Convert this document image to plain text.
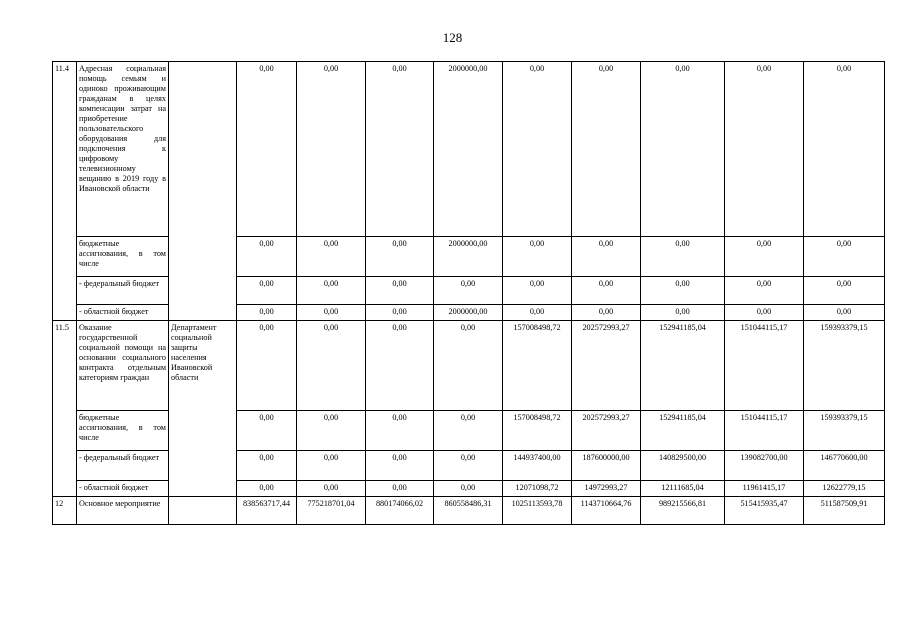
128
11.4	Адресная социальная помощь семьям и одиноко проживающим гражданам в целях компенсации затрат на приобретение пользовательского оборудования для подключения к цифровому телевизионному вещанию в 2019 году в Ивановской области		0,00	0,00	0,00	2000000,00	0,00	0,00	0,00	0,00	0,00
	бюджетные ассигнования, в том числе		0,00	0,00	0,00	2000000,00	0,00	0,00	0,00	0,00	0,00
	- федеральный бюджет		0,00	0,00	0,00	0,00	0,00	0,00	0,00	0,00	0,00
	- областной бюджет		0,00	0,00	0,00	2000000,00	0,00	0,00	0,00	0,00	0,00
11.5	Оказание государственной социальной помощи на основании социального контракта отдельным категориям граждан	Департамент социальной защиты населения Ивановской области	0,00	0,00	0,00	0,00	157008498,72	202572993,27	152941185,04	151044115,17	159393379,15
	бюджетные ассигнования, в том числе		0,00	0,00	0,00	0,00	157008498,72	202572993,27	152941185,04	151044115,17	159393379,15
	- федеральный бюджет		0,00	0,00	0,00	0,00	144937400,00	187600000,00	140829500,00	139082700,00	146770600,00
	- областной бюджет		0,00	0,00	0,00	0,00	12071098,72	14972993,27	12111685,04	11961415,17	12622779,15
12	Основное мероприятие		838563717,44	775218701,04	880174066,02	860558486,31	1025113593,78	1143710664,76	989215566,81	515415935,47	511587509,91
